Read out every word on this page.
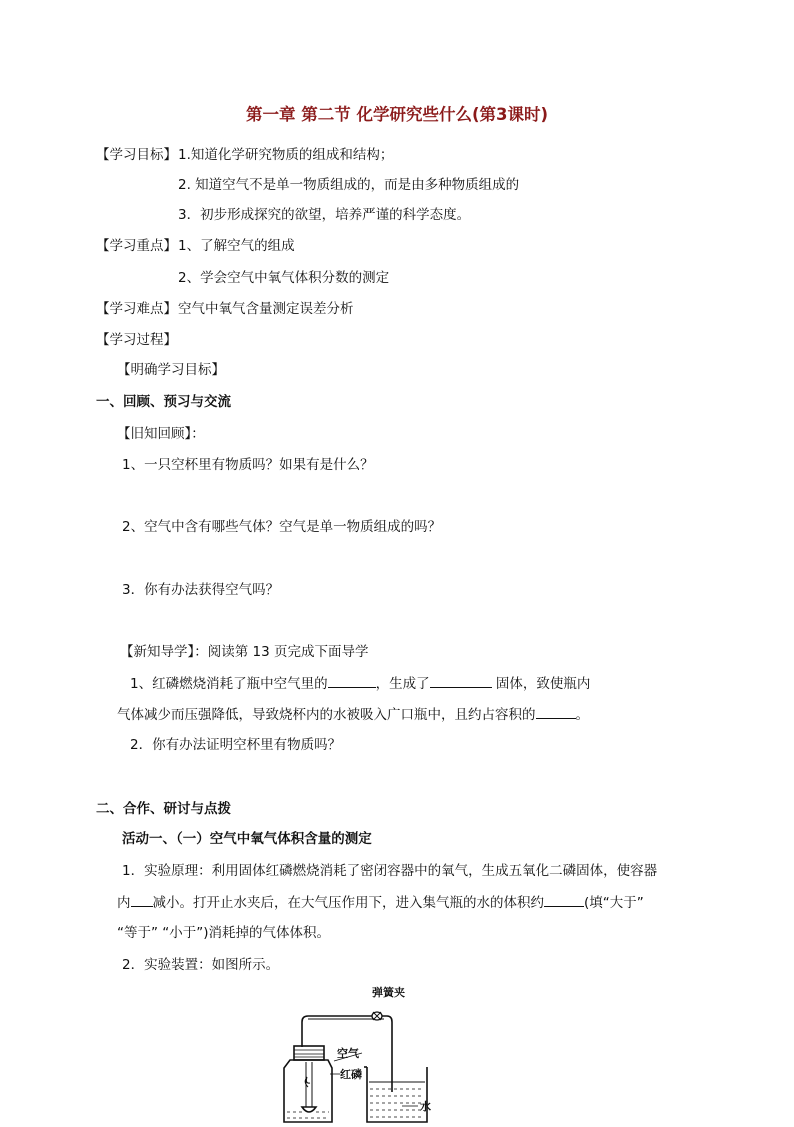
第一章 第二节 化学研究些什么(第3课时)
【学习目标】 1.知道化学研究物质的组成和结构；
2. 知道空气不是单一物质组成的，而是由多种物质组成的
3．初步形成探究的欲望，培养严谨的科学态度。
【学习重点】 1、了解空气的组成
2、学会空气中氧气体积分数的测定
【学习难点】 空气中氧气含量测定误差分析
【学习过程】
【明确学习目标】
一、回顾、预习与交流
【旧知回顾】：
1、一只空杯里有物质吗？如果有是什么？
2、空气中含有哪些气体？空气是单一物质组成的吗？
3．你有办法获得空气吗？
【新知导学】：阅读第 13 页完成下面导学
1、红磷燃烧消耗了瓶中空气里的	，生成了	固体，致使瓶内
气体减少而压强降低，导致烧杯内的水被吸入广口瓶中，且约占容积的	。
2．你有办法证明空杯里有物质吗？
二、合作、研讨与点拨
活动一、（一）空气中氧气体积含量的测定
1．实验原理：利用固体红磷燃烧消耗了密闭容器中的氧气，生成五氧化二磷固体，使容器
内 减小。打开止水夹后，在大气压作用下，进入集气瓶的水的体积约	(填“大于”
“等于” “小于”)消耗掉的气体体积。
2．实验装置：如图所示。
弹簧夹
空气
红磷
水
